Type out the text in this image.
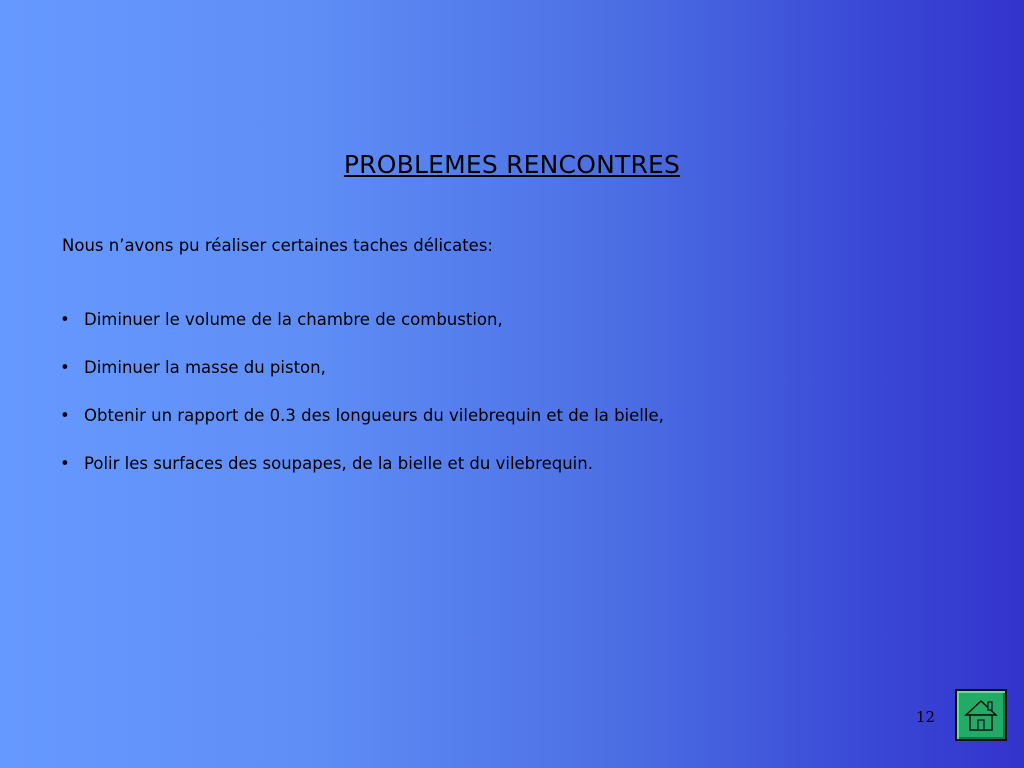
PROBLEMES RENCONTRES
Nous n’avons pu réaliser certaines taches délicates:
• Diminuer le volume de la chambre de combustion,
• Diminuer la masse du piston,
• Obtenir un rapport de 0.3 des longueurs du vilebrequin et de la bielle,
• Polir les surfaces des soupapes, de la bielle et du vilebrequin.
12
